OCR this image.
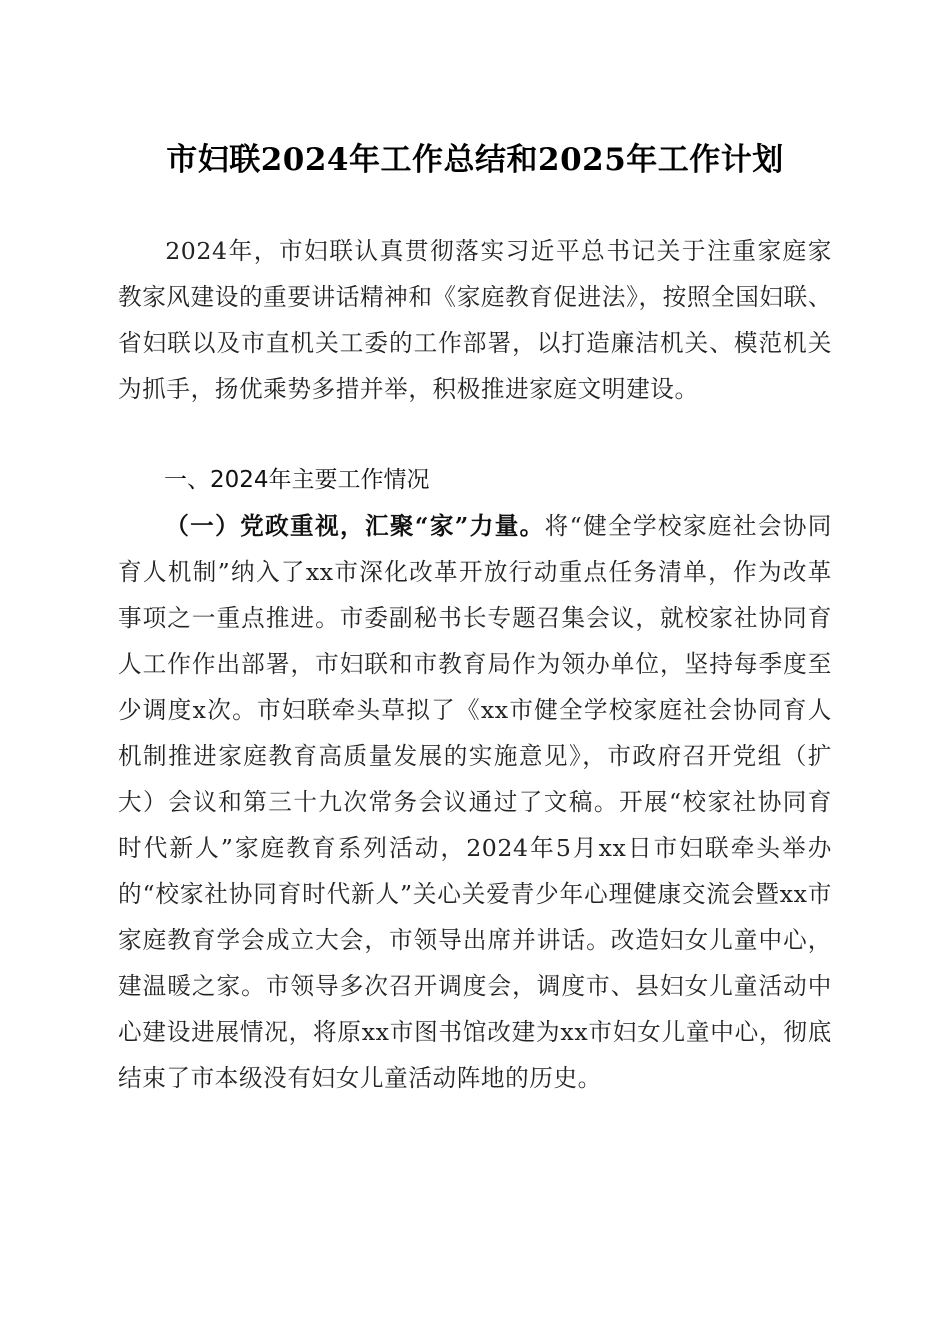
市妇联2024年工作总结和2025年工作计划

2024年，市妇联认真贯彻落实习近平总书记关于注重家庭家教家风建设的重要讲话精神和《家庭教育促进法》，按照全国妇联、省妇联以及市直机关工委的工作部署，以打造廉洁机关、模范机关为抓手，扬优乘势多措并举，积极推进家庭文明建设。

一、2024年主要工作情况

（一）党政重视，汇聚“家”力量。将“健全学校家庭社会协同育人机制”纳入了xx市深化改革开放行动重点任务清单，作为改革事项之一重点推进。市委副秘书长专题召集会议，就校家社协同育人工作作出部署，市妇联和市教育局作为领办单位，坚持每季度至少调度x次。市妇联牵头草拟了《xx市健全学校家庭社会协同育人机制推进家庭教育高质量发展的实施意见》，市政府召开党组（扩大）会议和第三十九次常务会议通过了文稿。开展“校家社协同育时代新人”家庭教育系列活动，2024年5月xx日市妇联牵头举办的“校家社协同育时代新人”关心关爱青少年心理健康交流会暨xx市家庭教育学会成立大会，市领导出席并讲话。改造妇女儿童中心，建温暖之家。市领导多次召开调度会，调度市、县妇女儿童活动中心建设进展情况，将原xx市图书馆改建为xx市妇女儿童中心，彻底结束了市本级没有妇女儿童活动阵地的历史。
